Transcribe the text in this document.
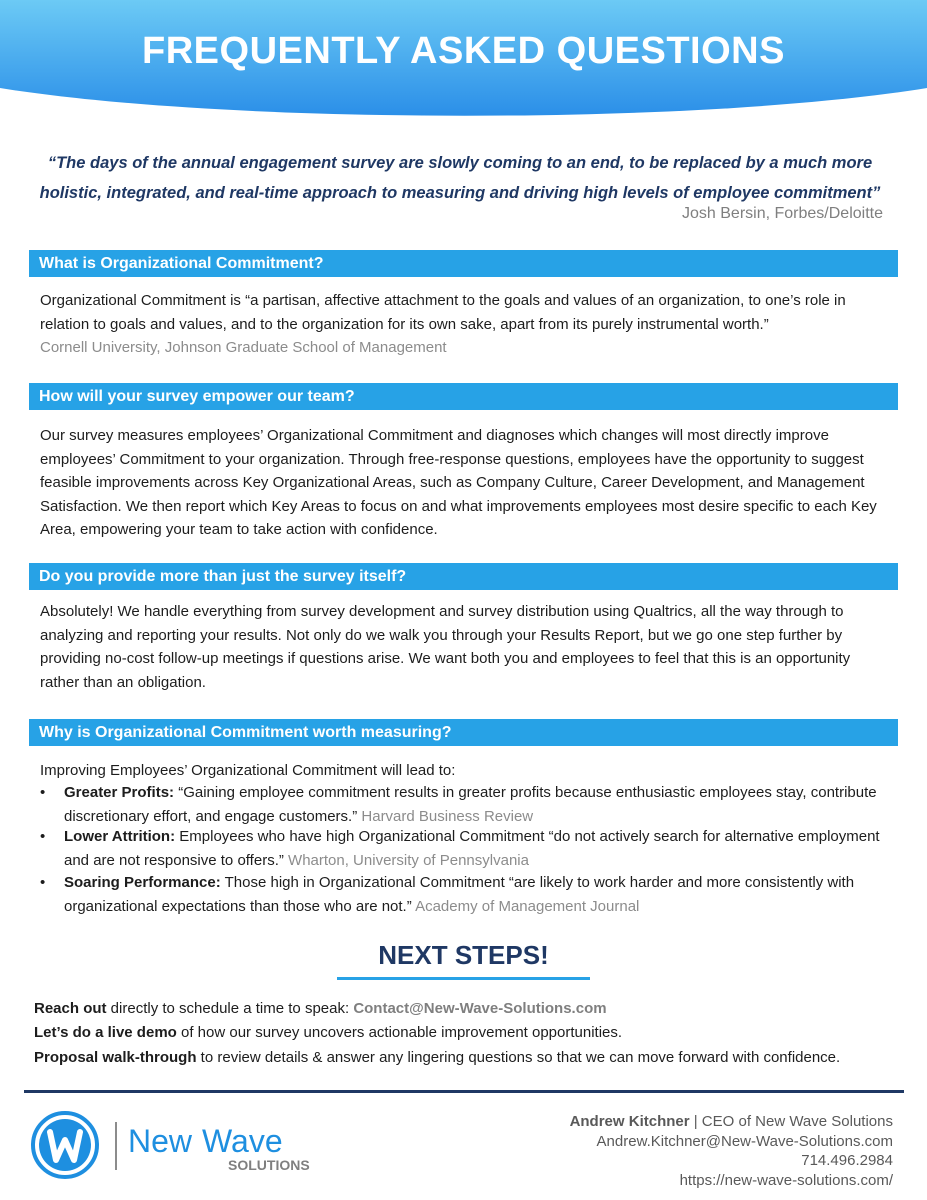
FREQUENTLY ASKED QUESTIONS
“The days of the annual engagement survey are slowly coming to an end, to be replaced by a much more holistic, integrated, and real-time approach to measuring and driving high levels of employee commitment”
Josh Bersin, Forbes/Deloitte
What is Organizational Commitment?
Organizational Commitment is “a partisan, affective attachment to the goals and values of an organization, to one’s role in relation to goals and values, and to the organization for its own sake, apart from its purely instrumental worth.”
Cornell University, Johnson Graduate School of Management
How will your survey empower our team?
Our survey measures employees’ Organizational Commitment and diagnoses which changes will most directly improve employees’ Commitment to your organization. Through free-response questions, employees have the opportunity to suggest feasible improvements across Key Organizational Areas, such as Company Culture, Career Development, and Management Satisfaction. We then report which Key Areas to focus on and what improvements employees most desire specific to each Key Area, empowering your team to take action with confidence.
Do you provide more than just the survey itself?
Absolutely! We handle everything from survey development and survey distribution using Qualtrics, all the way through to analyzing and reporting your results. Not only do we walk you through your Results Report, but we go one step further by providing no-cost follow-up meetings if questions arise. We want both you and employees to feel that this is an opportunity rather than an obligation.
Why is Organizational Commitment worth measuring?
Improving Employees’ Organizational Commitment will lead to:
• Greater Profits: “Gaining employee commitment results in greater profits because enthusiastic employees stay, contribute discretionary effort, and engage customers.” Harvard Business Review
• Lower Attrition: Employees who have high Organizational Commitment “do not actively search for alternative employment and are not responsive to offers.” Wharton, University of Pennsylvania
• Soaring Performance: Those high in Organizational Commitment “are likely to work harder and more consistently with organizational expectations than those who are not.” Academy of Management Journal
NEXT STEPS!
Reach out directly to schedule a time to speak: Contact@New-Wave-Solutions.com
Let’s do a live demo of how our survey uncovers actionable improvement opportunities.
Proposal walk-through to review details & answer any lingering questions so that we can move forward with confidence.
New Wave
SOLUTIONS
Andrew Kitchner | CEO of New Wave Solutions
Andrew.Kitchner@New-Wave-Solutions.com
714.496.2984
https://new-wave-solutions.com/
